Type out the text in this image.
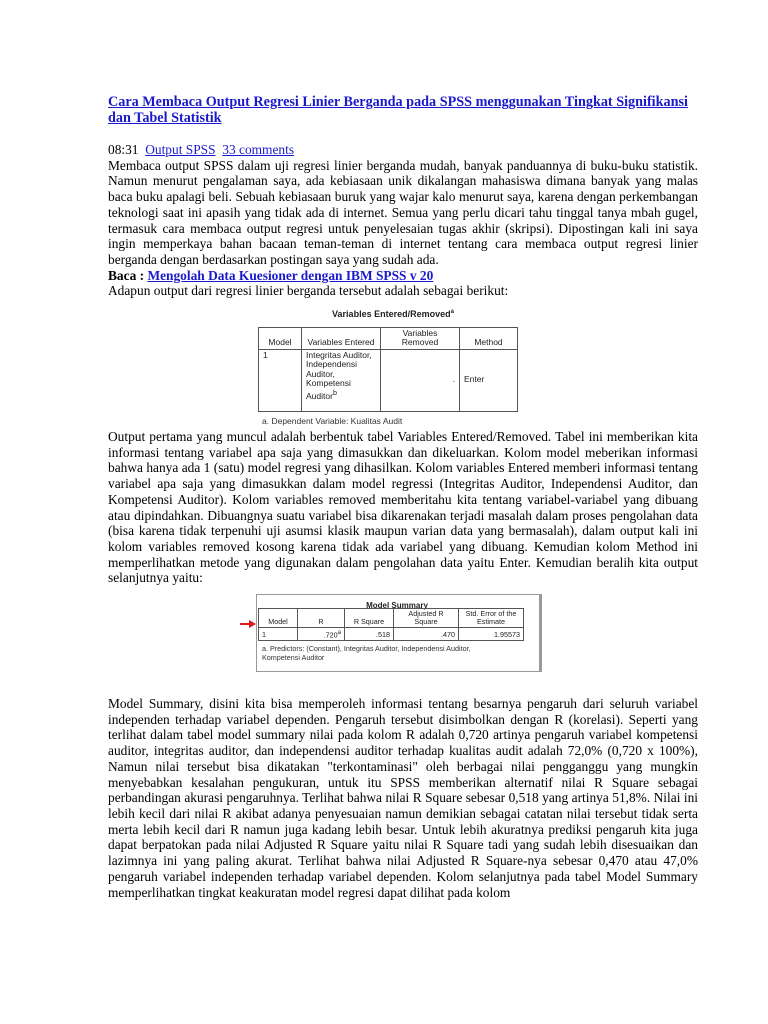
Cara Membaca Output Regresi Linier Berganda pada SPSS menggunakan Tingkat Signifikansi dan Tabel Statistik
08:31 Output SPSS 33 comments

Membaca output SPSS dalam uji regresi linier berganda mudah, banyak panduannya di buku-buku statistik. Namun menurut pengalaman saya, ada kebiasaan unik dikalangan mahasiswa dimana banyak yang malas baca buku apalagi beli. Sebuah kebiasaan buruk yang wajar kalo menurut saya, karena dengan perkembangan teknologi saat ini apasih yang tidak ada di internet. Semua yang perlu dicari tahu tinggal tanya mbah gugel, termasuk cara membaca output regresi untuk penyelesaian tugas akhir (skripsi). Dipostingan kali ini saya ingin memperkaya bahan bacaan teman-teman di internet tentang cara membaca output regresi linier berganda dengan berdasarkan postingan saya yang sudah ada.

Baca : Mengolah Data Kuesioner dengan IBM SPSS v 20

Adapun output dari regresi linier berganda tersebut adalah sebagai berikut:

Variables Entered/Removed$^a$
Model	Variables Entered	Variables Removed	Method
1	Integritas Auditor, Independensi Auditor, Kompetensi Auditor$^b$	.	Enter
a. Dependent Variable: Kualitas Audit

Output pertama yang muncul adalah berbentuk tabel Variables Entered/Removed. Tabel ini memberikan kita informasi tentang variabel apa saja yang dimasukkan dan dikeluarkan. Kolom model meberikan informasi bahwa hanya ada 1 (satu) model regresi yang dihasilkan. Kolom variables Entered memberi informasi tentang variabel apa saja yang dimasukkan dalam model regressi (Integritas Auditor, Independensi Auditor, dan Kompetensi Auditor). Kolom variables removed memberitahu kita tentang variabel-variabel yang dibuang atau dipindahkan. Dibuangnya suatu variabel bisa dikarenakan terjadi masalah dalam proses pengolahan data (bisa karena tidak terpenuhi uji asumsi klasik maupun varian data yang bermasalah), dalam output kali ini kolom variables removed kosong karena tidak ada variabel yang dibuang. Kemudian kolom Method ini memperlihatkan metode yang digunakan dalam pengolahan data yaitu Enter. Kemudian beralih kita output selanjutnya yaitu:

Model Summary
Model	R	R Square	Adjusted R Square	Std. Error of the Estimate
1	.720$^a$	.518	.470	1.95573
a. Predictors: (Constant), Integritas Auditor, Independensi Auditor, Kompetensi Auditor

Model Summary, disini kita bisa memperoleh informasi tentang besarnya pengaruh dari seluruh variabel independen terhadap variabel dependen. Pengaruh tersebut disimbolkan dengan R (korelasi). Seperti yang terlihat dalam tabel model summary nilai pada kolom R adalah 0,720 artinya pengaruh variabel kompetensi auditor, integritas auditor, dan independensi auditor terhadap kualitas audit adalah 72,0% (0,720 x 100%), Namun nilai tersebut bisa dikatakan "terkontaminasi" oleh berbagai nilai pengganggu yang mungkin menyebabkan kesalahan pengukuran, untuk itu SPSS memberikan alternatif nilai R Square sebagai perbandingan akurasi pengaruhnya. Terlihat bahwa nilai R Square sebesar 0,518 yang artinya 51,8%. Nilai ini lebih kecil dari nilai R akibat adanya penyesuaian namun demikian sebagai catatan nilai tersebut tidak serta merta lebih kecil dari R namun juga kadang lebih besar. Untuk lebih akuratnya prediksi pengaruh kita juga dapat berpatokan pada nilai Adjusted R Square yaitu nilai R Square tadi yang sudah lebih disesuaikan dan lazimnya ini yang paling akurat. Terlihat bahwa nilai Adjusted R Square-nya sebesar 0,470 atau 47,0% pengaruh variabel independen terhadap variabel dependen. Kolom selanjutnya pada tabel Model Summary memperlihatkan tingkat keakuratan model regresi dapat dilihat pada kolom
